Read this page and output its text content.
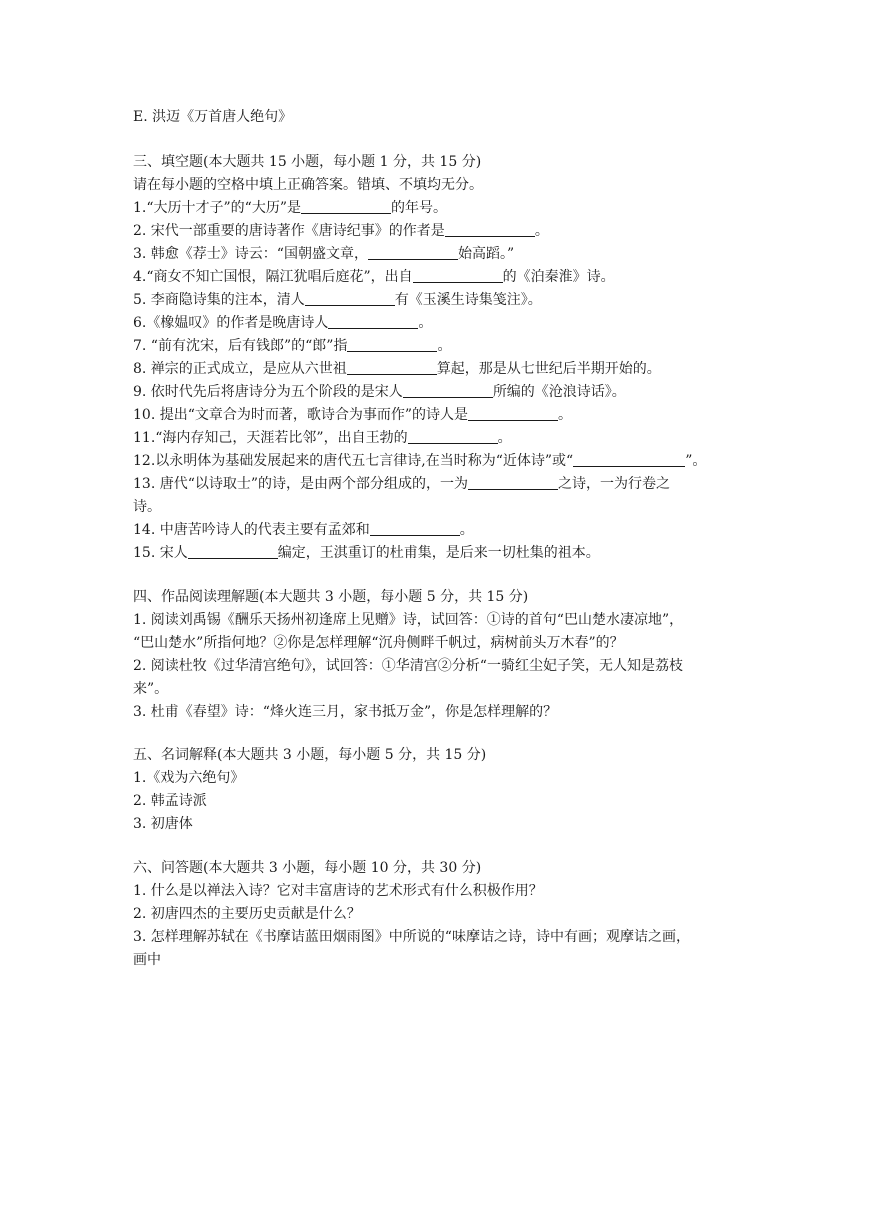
E. 洪迈《万首唐人绝句》
三、填空题(本大题共 15 小题，每小题 1 分，共 15 分)
请在每小题的空格中填上正确答案。错填、不填均无分。
1.“大历十才子”的“大历”是	的年号。
2. 宋代一部重要的唐诗著作《唐诗纪事》的作者是	。
3. 韩愈《荐士》诗云：“国朝盛文章，	始高蹈。”
4.“商女不知亡国恨，隔江犹唱后庭花”，出自	的《泊秦淮》诗。
5. 李商隐诗集的注本，清人	有《玉溪生诗集笺注》。
6.《橡媪叹》的作者是晚唐诗人	。
7. “前有沈宋，后有钱郎”的“郎”指	。
8. 禅宗的正式成立，是应从六世祖	算起，那是从七世纪后半期开始的。
9. 依时代先后将唐诗分为五个阶段的是宋人	所编的《沧浪诗话》。
10. 提出“文章合为时而著，歌诗合为事而作”的诗人是	。
11.“海内存知己，天涯若比邻”，出自王勃的	。
12.以永明体为基础发展起来的唐代五七言律诗,在当时称为“近体诗”或“	”。
13. 唐代“以诗取士”的诗，是由两个部分组成的，一为	之诗，一为行卷之
诗。
14. 中唐苦吟诗人的代表主要有孟郊和	。
15. 宋人	编定，王淇重订的杜甫集，是后来一切杜集的祖本。
四、作品阅读理解题(本大题共 3 小题，每小题 5 分，共 15 分)
1. 阅读刘禹锡《酬乐天扬州初逢席上见赠》诗，试回答：①诗的首句“巴山楚水凄凉地”，
“巴山楚水”所指何地？②你是怎样理解“沉舟侧畔千帆过，病树前头万木春”的？
2. 阅读杜牧《过华清宫绝句》，试回答：①华清宫②分析“一骑红尘妃子笑，无人知是荔枝
来”。
3. 杜甫《春望》诗：“烽火连三月，家书抵万金”，你是怎样理解的？
五、名词解释(本大题共 3 小题，每小题 5 分，共 15 分)
1.《戏为六绝句》
2. 韩孟诗派
3. 初唐体
六、问答题(本大题共 3 小题，每小题 10 分，共 30 分)
1. 什么是以禅法入诗？它对丰富唐诗的艺术形式有什么积极作用？
2. 初唐四杰的主要历史贡献是什么？
3. 怎样理解苏轼在《书摩诘蓝田烟雨图》中所说的“味摩诘之诗，诗中有画；观摩诘之画，
画中
